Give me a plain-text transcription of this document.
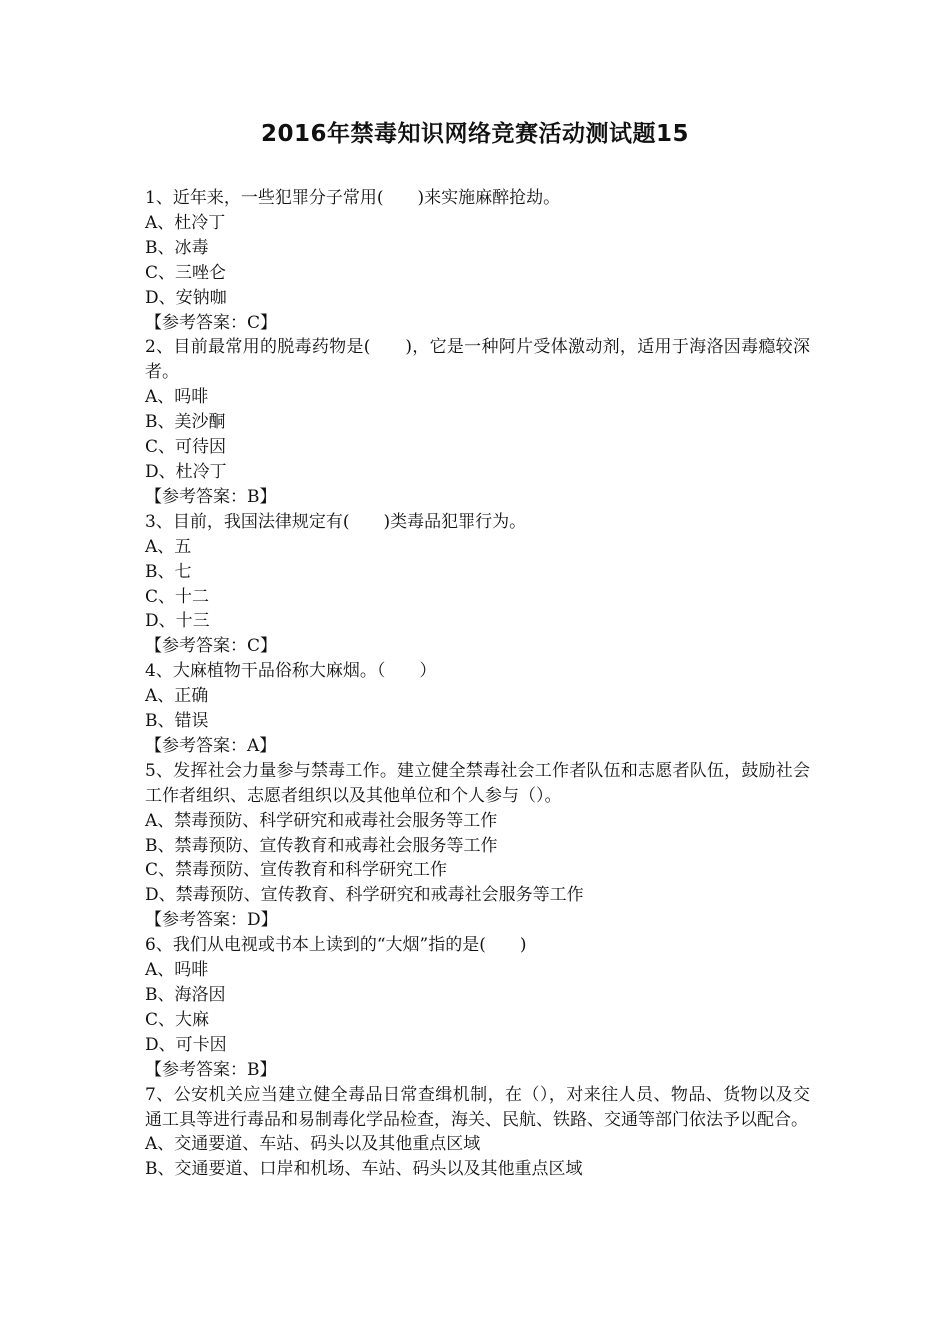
2016年禁毒知识网络竞赛活动测试题15
1、近年来，一些犯罪分子常用(　　)来实施麻醉抢劫。
A、杜冷丁
B、冰毒
C、三唑仑
D、安钠咖
【参考答案：C】
2、目前最常用的脱毒药物是(　　)，它是一种阿片受体激动剂，适用于海洛因毒瘾较深者。
A、吗啡
B、美沙酮
C、可待因
D、杜冷丁
【参考答案：B】
3、目前，我国法律规定有(　　)类毒品犯罪行为。
A、五
B、七
C、十二
D、十三
【参考答案：C】
4、大麻植物干品俗称大麻烟。（　　）
A、正确
B、错误
【参考答案：A】
5、发挥社会力量参与禁毒工作。建立健全禁毒社会工作者队伍和志愿者队伍，鼓励社会工作者组织、志愿者组织以及其他单位和个人参与（）。
A、禁毒预防、科学研究和戒毒社会服务等工作
B、禁毒预防、宣传教育和戒毒社会服务等工作
C、禁毒预防、宣传教育和科学研究工作
D、禁毒预防、宣传教育、科学研究和戒毒社会服务等工作
【参考答案：D】
6、我们从电视或书本上读到的“大烟”指的是(　　)
A、吗啡
B、海洛因
C、大麻
D、可卡因
【参考答案：B】
7、公安机关应当建立健全毒品日常查缉机制，在（），对来往人员、物品、货物以及交通工具等进行毒品和易制毒化学品检查，海关、民航、铁路、交通等部门依法予以配合。
A、交通要道、车站、码头以及其他重点区域
B、交通要道、口岸和机场、车站、码头以及其他重点区域
